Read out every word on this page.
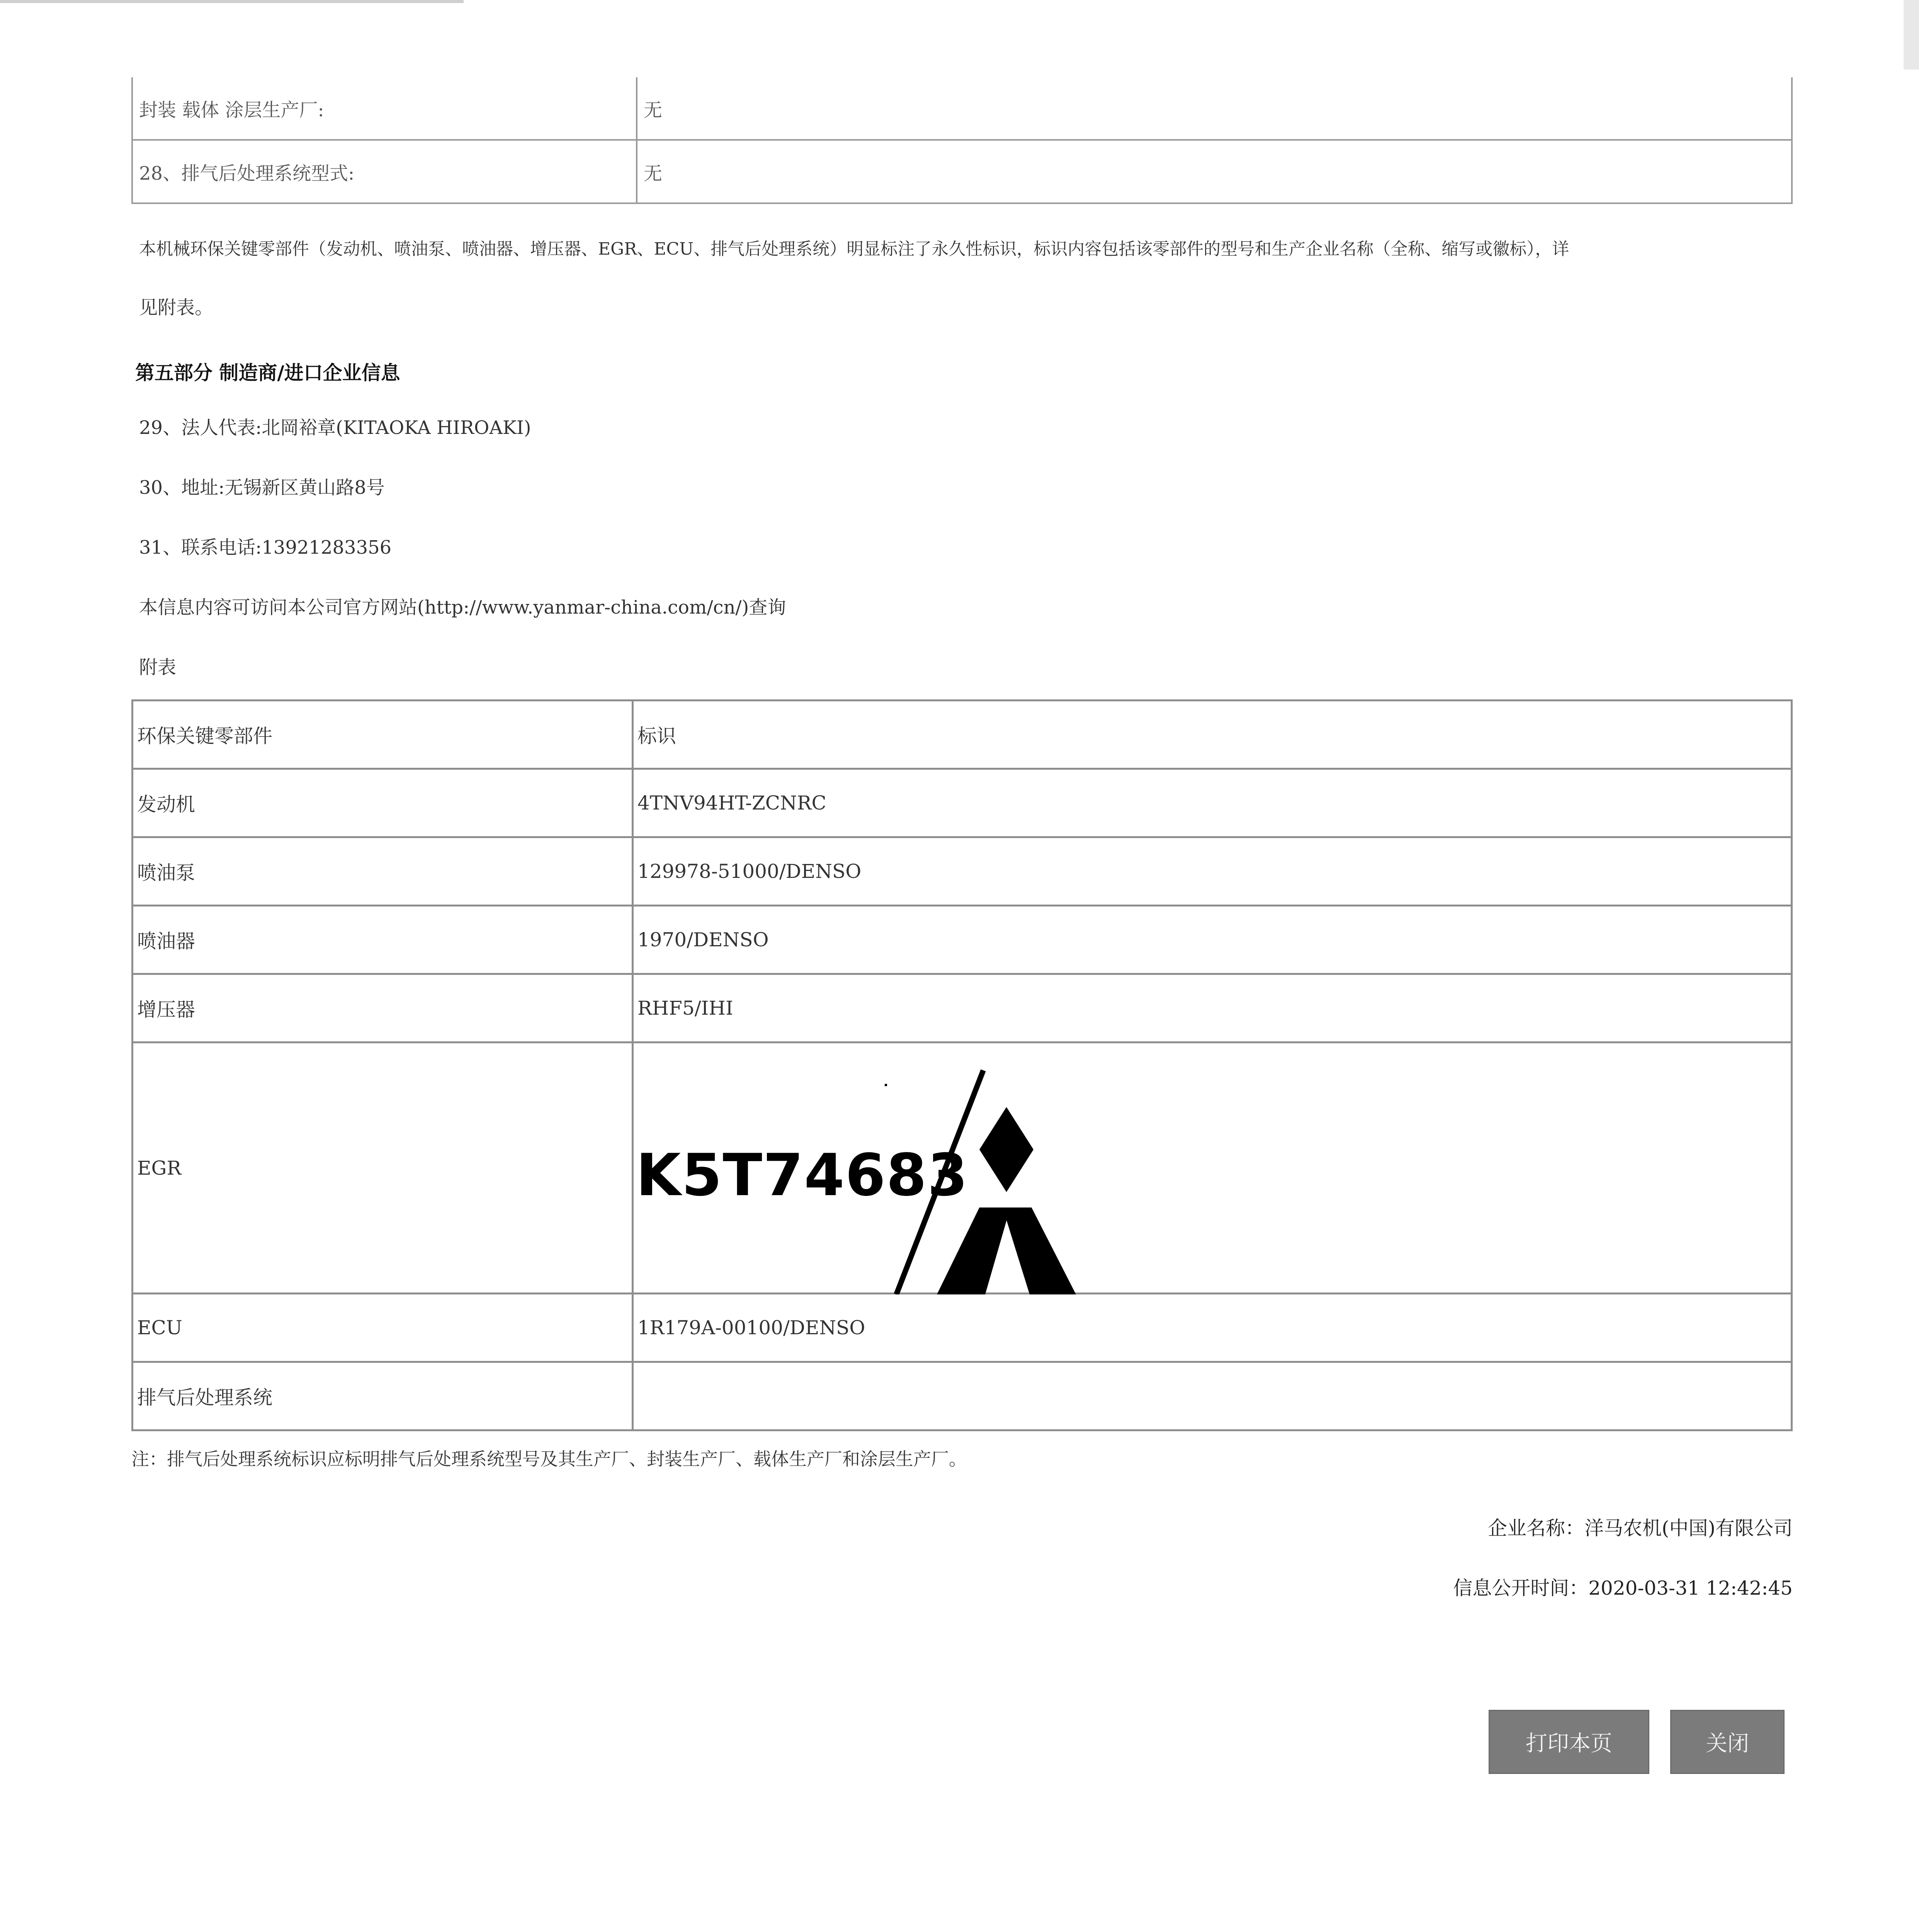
封装 载体 涂层生产厂:	无
28、排气后处理系统型式:	无
本机械环保关键零部件（发动机、喷油泵、喷油器、增压器、EGR、ECU、排气后处理系统）明显标注了永久性标识，标识内容包括该零部件的型号和生产企业名称（全称、缩写或徽标），详
见附表。
第五部分 制造商/进口企业信息
29、法人代表:北岡裕章(KITAOKA HIROAKI)
30、地址:无锡新区黄山路8号
31、联系电话:13921283356
本信息内容可访问本公司官方网站(http://www.yanmar-china.com/cn/)查询
附表
环保关键零部件	标识
发动机	4TNV94HT-ZCNRC
喷油泵	129978-51000/DENSO
喷油器	1970/DENSO
增压器	RHF5/IHI
EGR	K5T74683

ECU	1R179A-00100/DENSO
排气后处理系统	
注：排气后处理系统标识应标明排气后处理系统型号及其生产厂、封装生产厂、载体生产厂和涂层生产厂。
企业名称：洋马农机(中国)有限公司
信息公开时间：2020-03-31 12:42:45
打印本页	关闭
